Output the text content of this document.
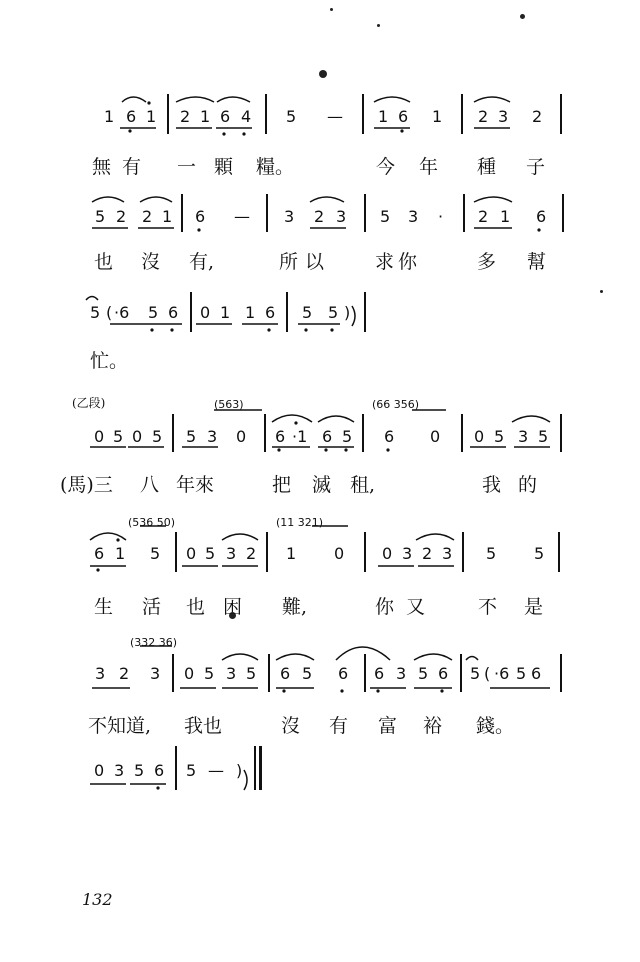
(乙段)	(563)	(66 356)
(536 50)	(11 321)
(332 36)
1 6 1 2 1 6 4 5 — 1 6 1 2 3 2
5 2 2 1 6 — 3 2 3 5 3 · 2 1 6
5 ( ·6 5 6 0 1 1 6 5 5 )
0 5 0 5 5 3 0 6 ·1 6 5 6 0 0 5 3 5
6 1 5 0 5 3 2 1 0 0 3 2 3 5 5
3 2 3 0 5 3 5 6 5 6 6 3 5 6 5 ( ·6 5 6
0 3 5 6 5 — )
無 有 一 顆 糧。	今 年 種 子
也 沒 有,	所 以	求 你	多 幫
忙。
(馬)三 八 年來	把 滅 租,	我 的
生 活 也 困 難,	你 又	不 是
不知道, 我也	沒 有 富 裕 錢。
132
